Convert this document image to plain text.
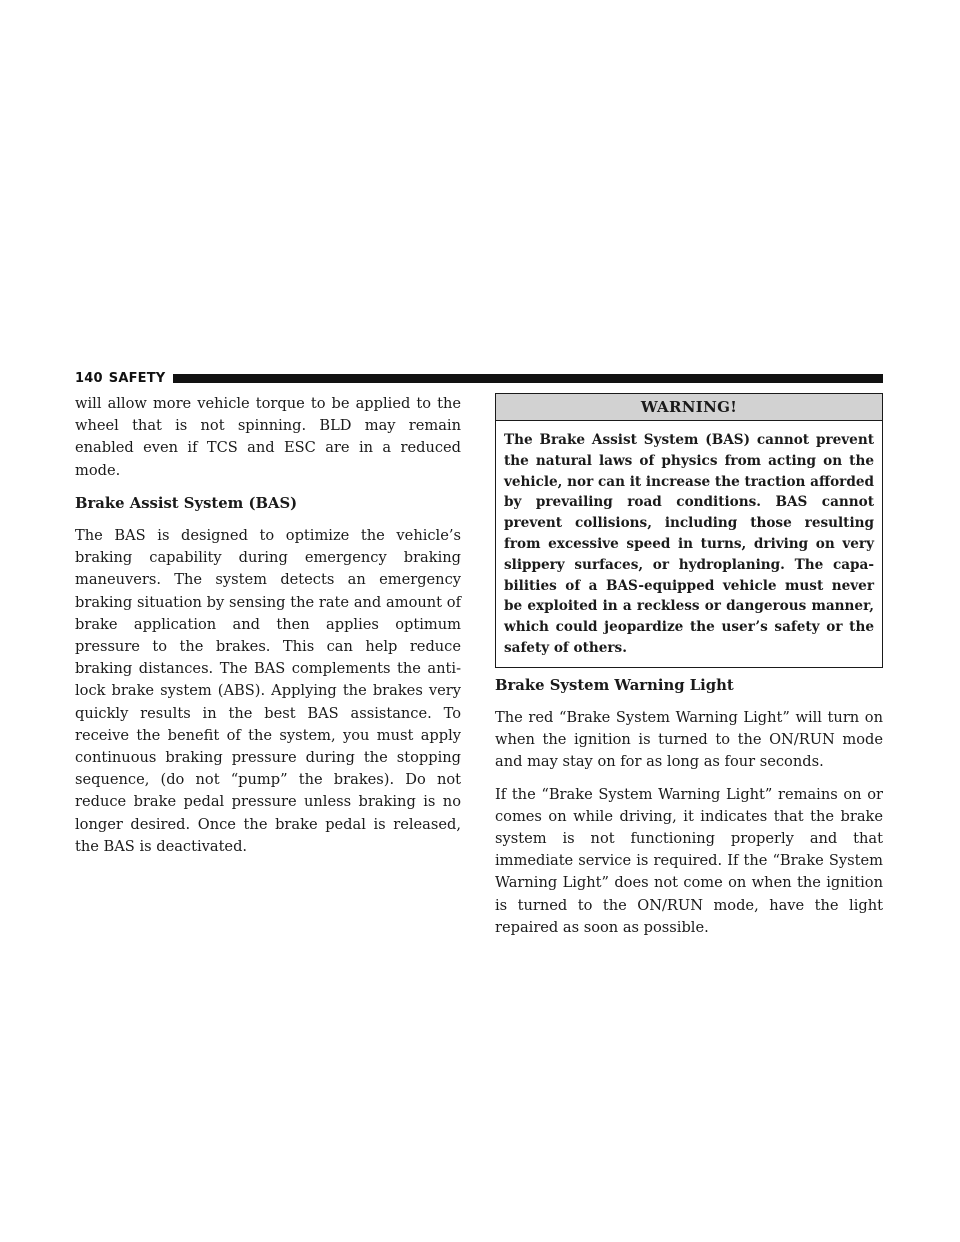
140 SAFETY

will allow more vehicle torque to be applied to the wheel that is not spinning. BLD may remain enabled even if TCS and ESC are in a reduced mode.

Brake Assist System (BAS)

The BAS is designed to optimize the vehicle’s braking capability during emergency braking maneuvers. The system detects an emergency braking situation by sensing the rate and amount of brake application and then applies optimum pressure to the brakes. This can help reduce braking distances. The BAS complements the anti-lock brake system (ABS). Applying the brakes very quickly results in the best BAS assistance. To receive the benefit of the system, you must apply continuous braking pressure during the stopping sequence, (do not “pump” the brakes). Do not reduce brake pedal pressure unless braking is no longer desired. Once the brake pedal is released, the BAS is deactivated.

WARNING!
The Brake Assist System (BAS) cannot prevent the natural laws of physics from acting on the vehicle, nor can it increase the traction afforded by prevailing road conditions. BAS cannot prevent collisions, including those resulting from excessive speed in turns, driving on very slippery surfaces, or hydroplaning. The capabilities of a BAS-equipped vehicle must never be exploited in a reckless or dangerous manner, which could jeopardize the user’s safety or the safety of others.
Brake System Warning Light

The red “Brake System Warning Light” will turn on when the ignition is turned to the ON/RUN mode and may stay on for as long as four seconds.

If the “Brake System Warning Light” remains on or comes on while driving, it indicates that the brake system is not functioning properly and that immediate service is required. If the “Brake System Warning Light” does not come on when the ignition is turned to the ON/RUN mode, have the light repaired as soon as possible.
